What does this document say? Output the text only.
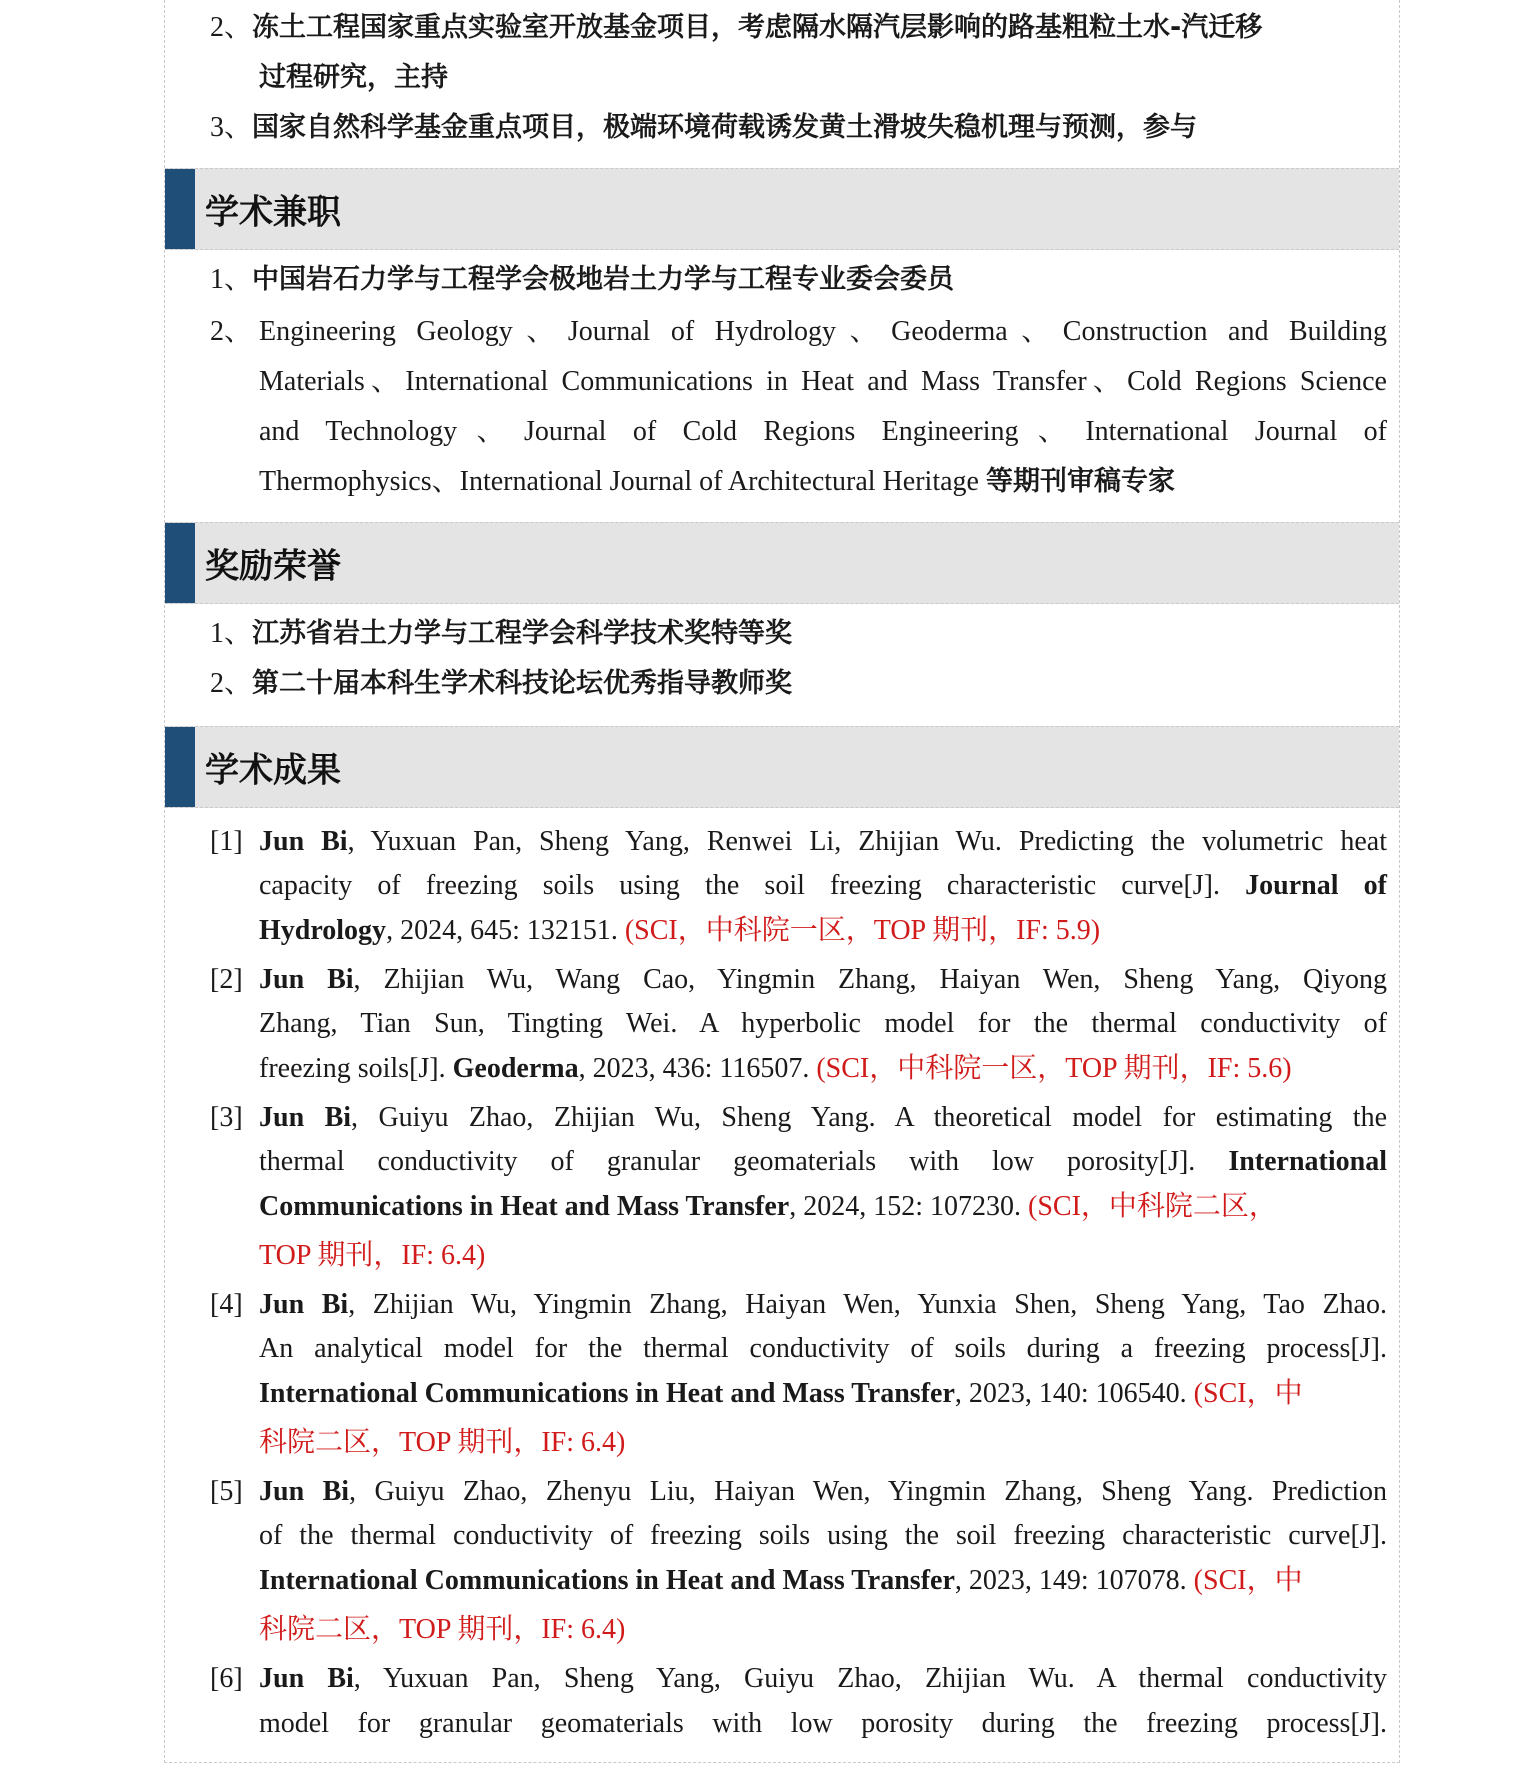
2、冻土工程国家重点实验室开放基金项目，考虑隔水隔汽层影响的路基粗粒土水-汽迁移
过程研究，主持
3、国家自然科学基金重点项目，极端环境荷载诱发黄土滑坡失稳机理与预测，参与
学术兼职
1、中国岩石力学与工程学会极地岩土力学与工程专业委会委员
2、 Engineering Geology、Journal of Hydrology、Geoderma、Construction and Building
Materials、International Communications in Heat and Mass Transfer、Cold Regions Science
and Technology、Journal of Cold Regions Engineering、International Journal of
Thermophysics、International Journal of Architectural Heritage 等期刊审稿专家
奖励荣誉
1、江苏省岩土力学与工程学会科学技术奖特等奖
2、第二十届本科生学术科技论坛优秀指导教师奖
学术成果
[1] Jun Bi, Yuxuan Pan, Sheng Yang, Renwei Li, Zhijian Wu. Predicting the volumetric heat
capacity of freezing soils using the soil freezing characteristic curve[J]. Journal of
Hydrology, 2024, 645: 132151. (SCI，中科院一区，TOP 期刊，IF: 5.9)
[2] Jun Bi, Zhijian Wu, Wang Cao, Yingmin Zhang, Haiyan Wen, Sheng Yang, Qiyong
Zhang, Tian Sun, Tingting Wei. A hyperbolic model for the thermal conductivity of
freezing soils[J]. Geoderma, 2023, 436: 116507. (SCI，中科院一区，TOP 期刊，IF: 5.6)
[3] Jun Bi, Guiyu Zhao, Zhijian Wu, Sheng Yang. A theoretical model for estimating the
thermal conductivity of granular geomaterials with low porosity[J]. International
Communications in Heat and Mass Transfer, 2024, 152: 107230. (SCI，中科院二区，
TOP 期刊，IF: 6.4)
[4] Jun Bi, Zhijian Wu, Yingmin Zhang, Haiyan Wen, Yunxia Shen, Sheng Yang, Tao Zhao.
An analytical model for the thermal conductivity of soils during a freezing process[J].
International Communications in Heat and Mass Transfer, 2023, 140: 106540. (SCI，中
科院二区，TOP 期刊，IF: 6.4)
[5] Jun Bi, Guiyu Zhao, Zhenyu Liu, Haiyan Wen, Yingmin Zhang, Sheng Yang. Prediction
of the thermal conductivity of freezing soils using the soil freezing characteristic curve[J].
International Communications in Heat and Mass Transfer, 2023, 149: 107078. (SCI，中
科院二区，TOP 期刊，IF: 6.4)
[6] Jun Bi, Yuxuan Pan, Sheng Yang, Guiyu Zhao, Zhijian Wu. A thermal conductivity
model for granular geomaterials with low porosity during the freezing process[J].
